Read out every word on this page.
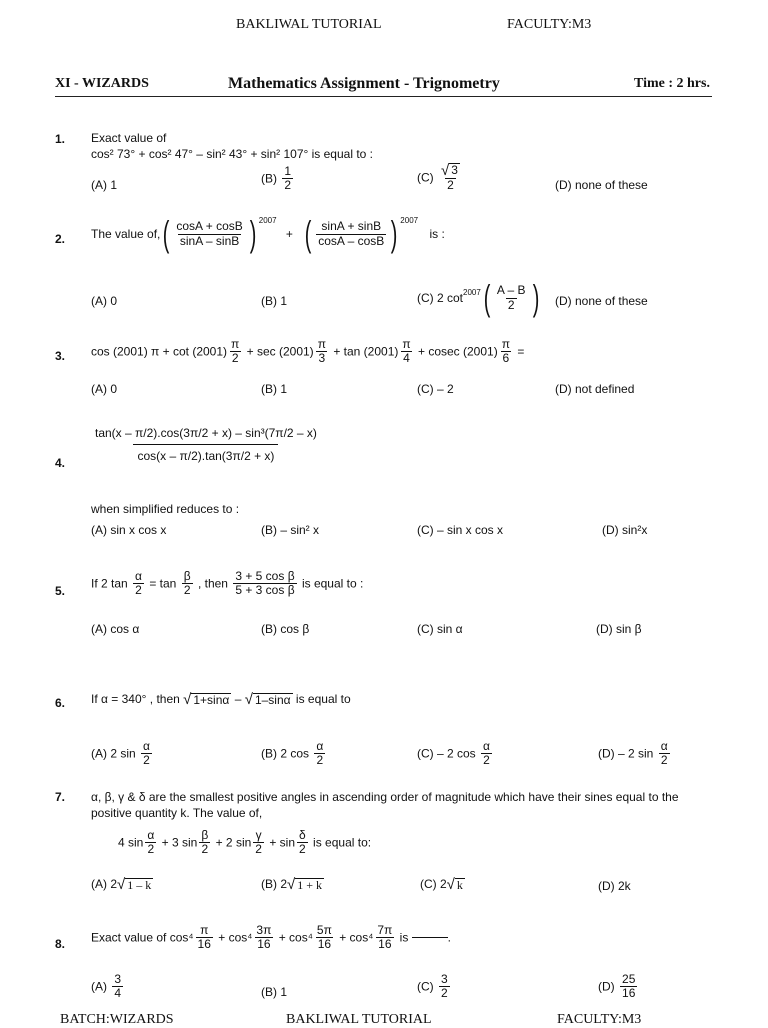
BAKLIWAL TUTORIAL	FACULTY:M3
XI - WIZARDS	Mathematics Assignment - Trignometry	Time : 2 hrs.
1. Exact value of
cos² 73° + cos² 47° – sin² 43° + sin² 107° is equal to :
(A) 1	$(B) \frac{1}{2}$	$(C) \frac{√ 3}{2}$	(D) none of these
2. The value $of,( \frac{\cos A + \cos B}{\sin A - \sin B}$ ) $^{2007}$ + ( $\frac{\sin A + \sin B}{\cos A - \cos B}$ ) $^{2007}$ is :
(A) 0	(B) 1	(C) 2 $\cot^{2007}( \frac{A - B}{2}$ ) (D) none of these
3. cos (2001) $\pi + \cot (2001) \frac{\pi}{2} + \sec (2001) \frac{\pi}{3} + \tan (2001) \frac{\pi}{4} + cosec$ $(2001) \frac{\pi}{6}$ =
(A) 0	(B) 1	(C) – 2	(D) not defined
4. $\frac{\text{tan(x – π/2).cos(3π/2 + x) – sin³(7π/2 – x)}}{\cos(x - \pi/2).\tan(3\pi/2 + x)}$
when simplified reduces to :
(A) sin x cos x	(B) – sin² x	(C) – sin x cos x	(D) sin²x
5.
If 2 $\tan \frac{\alpha}{2} = \tan \frac{\beta}{2}$ , then $\frac{\text{3 + 5 cos β}}{\text{5 + 3 cos β}}$ is equal to :
(A) cos α	(B) cos β	(C) sin α	(D) sin β
6. If α = 340° , then √ 1+sinα – √ 1–sinα is equal to
(A) 2 $\sin \frac{\alpha}{2}$	(B) 2 $\cos \frac{\alpha}{2}$	(C) – 2 $\cos \frac{\alpha}{2}$	(D) – 2 $\sin \frac{\alpha}{2}$
7. α, β, γ & δ are the smallest positive angles in ascending order of magnitude which have their sines equal to the
positive quantity k. The value of,
4 $\sin \frac{\alpha}{2} + 3$ $\sin \frac{\beta}{2} + 2$ $\sin \frac{\gamma}{2} + \sin \frac{\delta}{2}$ is equal to:
(A) 2 √ 1 – k	(B) 2 √ 1 + k	(C) 2 √ k	(D) 2k
8. Exact value of $\cos^4 \frac{\pi}{16} + \cos^4 \frac{3\pi}{16} + \cos^4 \frac{5\pi}{16} + \cos^4 \frac{7\pi}{16}$ is	.
$(A) \frac{3}{4}$	(B) 1	$(C) \frac{3}{2}$	$(D) \frac{25}{16}$
BATCH:WIZARDS	BAKLIWAL TUTORIAL	FACULTY:M3
